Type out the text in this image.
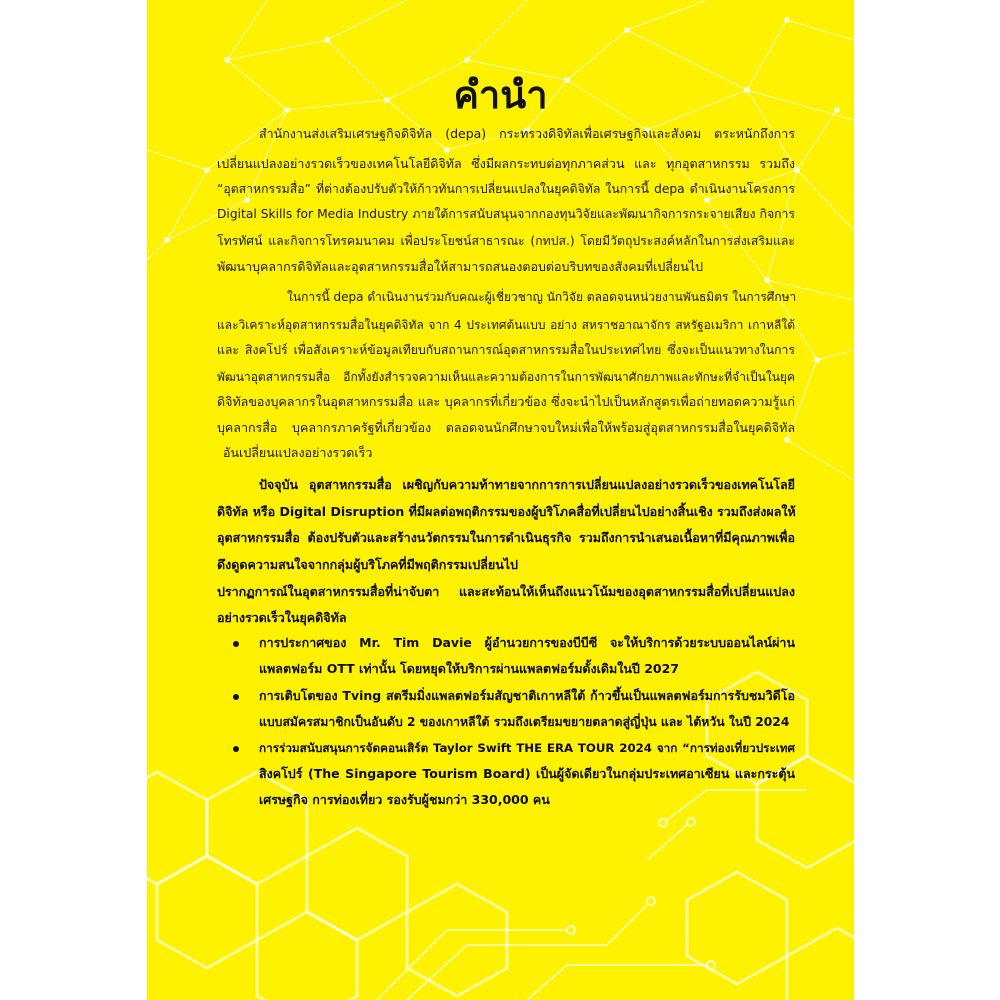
คำนำ

สำนักงานส่งเสริมเศรษฐกิจดิจิทัล (depa) กระทรวงดิจิทัลเพื่อเศรษฐกิจและสังคม ตระหนักถึงการ

เปลี่ยนแปลงอย่างรวดเร็วของเทคโนโลยีดิจิทัล ซึ่งมีผลกระทบต่อทุกภาคส่วน และ ทุกอุตสาหกรรม รวมถึง

“อุตสาหกรรมสื่อ” ที่ต่างต้องปรับตัวให้ก้าวทันการเปลี่ยนแปลงในยุคดิจิทัล ในการนี้ depa ดำเนินงานโครงการ

Digital Skills for Media Industry ภายใต้การสนับสนุนจากกองทุนวิจัยและพัฒนากิจการกระจายเสียง กิจการ

โทรทัศน์ และกิจการโทรคมนาคม เพื่อประโยชน์สาธารณะ (กทปส.) โดยมีวัตถุประสงค์หลักในการส่งเสริมและ

พัฒนาบุคลากรดิจิทัลและอุตสาหกรรมสื่อให้สามารถสนองตอบต่อบริบทของสังคมที่เปลี่ยนไป

ในการนี้ depa ดำเนินงานร่วมกับคณะผู้เชี่ยวชาญ นักวิจัย ตลอดจนหน่วยงานพันธมิตร ในการศึกษา

และวิเคราะห์อุตสาหกรรมสื่อในยุคดิจิทัล จาก 4 ประเทศต้นแบบ อย่าง สหราชอาณาจักร สหรัฐอเมริกา เกาหลีใต้

และ สิงคโปร์ เพื่อสังเคราะห์ข้อมูลเทียบกับสถานการณ์อุตสาหกรรมสื่อในประเทศไทย ซึ่งจะเป็นแนวทางในการ

พัฒนาอุตสาหกรรมสื่อ อีกทั้งยังสำรวจความเห็นและความต้องการในการพัฒนาศักยภาพและทักษะที่จำเป็นในยุค

ดิจิทัลของบุคลากรในอุตสาหกรรมสื่อ และ บุคลากรที่เกี่ยวข้อง ซึ่งจะนำไปเป็นหลักสูตรเพื่อถ่ายทอดความรู้แก่

บุคลากรสื่อ บุคลากรภาครัฐที่เกี่ยวข้อง ตลอดจนนักศึกษาจบใหม่เพื่อให้พร้อมสู่อุตสาหกรรมสื่อในยุคดิจิทัล

อันเปลี่ยนแปลงอย่างรวดเร็ว

ปัจจุบัน อุตสาหกรรมสื่อ เผชิญกับความท้าทายจากการการเปลี่ยนแปลงอย่างรวดเร็วของเทคโนโลยี

ดิจิทัล หรือ Digital Disruption ที่มีผลต่อพฤติกรรมของผู้บริโภคสื่อที่เปลี่ยนไปอย่างสิ้นเชิง รวมถึงส่งผลให้

อุตสาหกรรมสื่อ ต้องปรับตัวและสร้างนวัตกรรมในการดำเนินธุรกิจ รวมถึงการนำเสนอเนื้อหาที่มีคุณภาพเพื่อ

ดึงดูดความสนใจจากกลุ่มผู้บริโภคที่มีพฤติกรรมเปลี่ยนไป

ปรากฏการณ์ในอุตสาหกรรมสื่อที่น่าจับตา และสะท้อนให้เห็นถึงแนวโน้มของอุตสาหกรรมสื่อที่เปลี่ยนแปลง

อย่างรวดเร็วในยุคดิจิทัล

การประกาศของ Mr. Tim Davie ผู้อำนวยการของบีบีซี จะให้บริการด้วยระบบออนไลน์ผ่าน

แพลตฟอร์ม OTT เท่านั้น โดยหยุดให้บริการผ่านแพลตฟอร์มดั้งเดิมในปี 2027

การเติบโตของ Tving สตรีมมิ่งแพลตฟอร์มสัญชาติเกาหลีใต้ ก้าวขึ้นเป็นแพลตฟอร์มการรับชมวิดีโอ

แบบสมัครสมาชิกเป็นอันดับ 2 ของเกาหลีใต้ รวมถึงเตรียมขยายตลาดสู่ญี่ปุ่น และ ไต้หวัน ในปี 2024

การร่วมสนับสนุนการจัดคอนเสิร์ต Taylor Swift THE ERA TOUR 2024 จาก “การท่องเที่ยวประเทศ

สิงคโปร์ (The Singapore Tourism Board) เป็นผู้จัดเดียวในกลุ่มประเทศอาเซียน และกระตุ้น

เศรษฐกิจ การท่องเที่ยว รองรับผู้ชมกว่า 330,000 คน
